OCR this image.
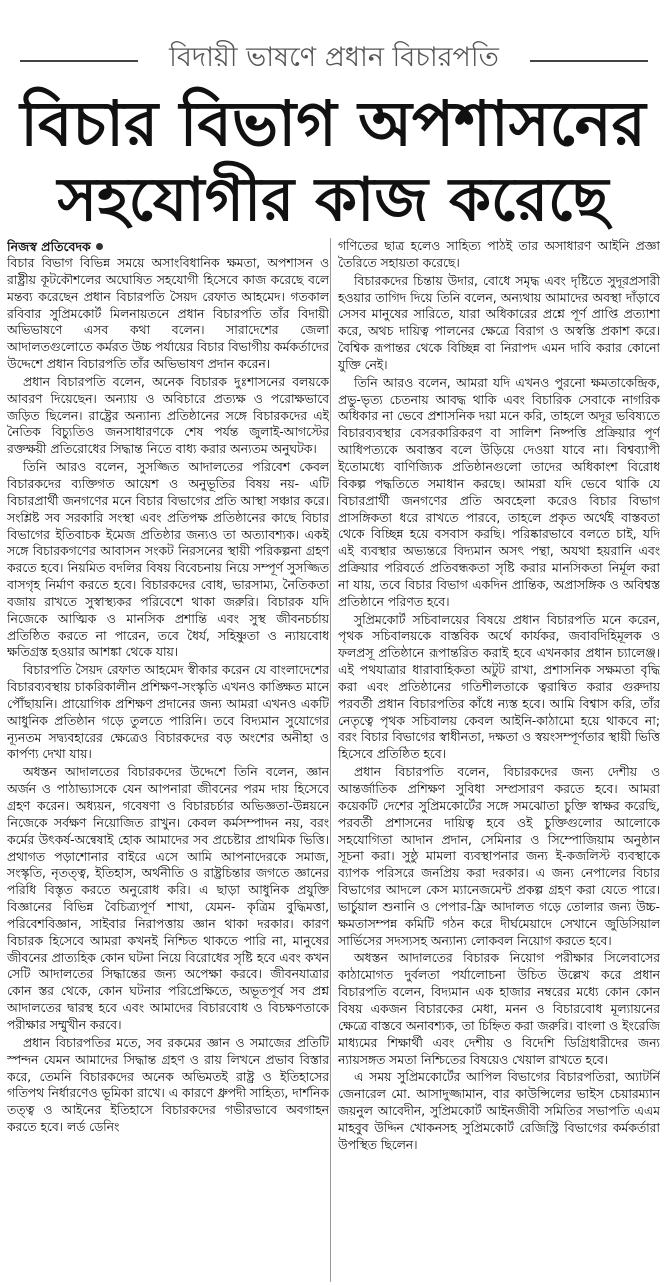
বিদায়ী ভাষণে প্রধান বিচারপতি
বিচার বিভাগ অপশাসনের
সহযোগীর কাজ করেছে
নিজস্ব প্রতিবেদক

বিচার বিভাগ বিভিন্ন সময়ে অসাংবিধানিক ক্ষমতা, অপশাসন ও রাষ্ট্রীয় কূটকৌশলের অঘোষিত সহযোগী হিসেবে কাজ করেছে বলে মন্তব্য করেছেন প্রধান বিচারপতি সৈয়দ রেফাত আহমেদ। গতকাল রবিবার সুপ্রিমকোর্ট মিলনায়তনে প্রধান বিচারপতি তাঁর বিদায়ী অভিভাষণে এসব কথা বলেন। সারাদেশের জেলা আদালতগুলোতে কর্মরত উচ্চ পর্যায়ের বিচার বিভাগীয় কর্মকর্তাদের উদ্দেশে প্রধান বিচারপতি তাঁর অভিভাষণ প্রদান করেন।

প্রধান বিচারপতি বলেন, অনেক বিচারক দুঃশাসনের বলয়কে আবরণ দিয়েছেন। অন্যায় ও অবিচারে প্রত্যক্ষ ও পরোক্ষভাবে জড়িত ছিলেন। রাষ্ট্রের অন্যান্য প্রতিষ্ঠানের সঙ্গে বিচারকদের এই নৈতিক বিচ্যুতিও জনসাধারণকে শেষ পর্যন্ত জুলাই-আগস্টের রক্তক্ষয়ী প্রতিরোধের সিদ্ধান্ত নিতে বাধ্য করার অন্যতম অনুঘটক।

তিনি আরও বলেন, সুসজ্জিত আদালতের পরিবেশ কেবল বিচারকদের ব্যক্তিগত আয়েশ ও অনুভূতির বিষয় নয়- এটি বিচারপ্রার্থী জনগণের মনে বিচার বিভাগের প্রতি আস্থা সঞ্চার করে। সংশ্লিষ্ট সব সরকারি সংস্থা এবং প্রতিপক্ষ প্রতিষ্ঠানের কাছে বিচার বিভাগের ইতিবাচক ইমেজ প্রতিষ্ঠার জন্যও তা অত্যাবশ্যক। একই সঙ্গে বিচারকগণের আবাসন সংকট নিরসনের স্থায়ী পরিকল্পনা গ্রহণ করতে হবে। নিয়মিত বদলির বিষয় বিবেচনায় নিয়ে সম্পূর্ণ সুসজ্জিত বাসগৃহ নির্মাণ করতে হবে। বিচারকদের বোধ, ভারসাম্য, নৈতিকতা বজায় রাখতে সুস্বাস্থ্যকর পরিবেশে থাকা জরুরি। বিচারক যদি নিজেকে আত্মিক ও মানসিক প্রশান্তি এবং সুস্থ জীবনচর্চায় প্রতিষ্ঠিত করতে না পারেন, তবে ধৈর্য, সহিষ্ণুতা ও ন্যায়বোধ ক্ষতিগ্রস্ত হওয়ার আশঙ্কা থেকে যায়।

বিচারপতি সৈয়দ রেফাত আহমেদ স্বীকার করেন যে বাংলাদেশের বিচারব্যবস্থায় চাকরিকালীন প্রশিক্ষণ-সংস্কৃতি এখনও কাঙ্ক্ষিত মানে পৌঁছায়নি। প্রায়োগিক প্রশিক্ষণ প্রদানের জন্য আমরা এখনও একটি আধুনিক প্রতিষ্ঠান গড়ে তুলতে পারিনি। তবে বিদ্যমান সুযোগের ন্যূনতম সদ্ব্যবহারের ক্ষেত্রেও বিচারকদের বড় অংশের অনীহা ও কার্পণ্য দেখা যায়।

অধস্তন আদালতের বিচারকদের উদ্দেশে তিনি বলেন, জ্ঞান অর্জন ও পাঠাভ্যাসকে যেন আপনারা জীবনের পরম দায় হিসেবে গ্রহণ করেন। অধ্যয়ন, গবেষণা ও বিচারচর্চার অভিজ্ঞতা-উন্নয়নে নিজেকে সর্বক্ষণ নিয়োজিত রাখুন। কেবল কর্মসম্পাদন নয়, বরং কর্মের উৎকর্ষ-অন্বেষাই হোক আমাদের সব প্রচেষ্টার প্রাথমিক ভিত্তি। প্রথাগত পড়াশোনার বাইরে এসে আমি আপনাদেরকে সমাজ, সংস্কৃতি, নৃতত্ত্ব, ইতিহাস, অর্থনীতি ও রাষ্ট্রচিন্তার জগতে জ্ঞানের পরিধি বিস্তৃত করতে অনুরোধ করি। এ ছাড়া আধুনিক প্রযুক্তি বিজ্ঞানের বিভিন্ন বৈচিত্র্যপূর্ণ শাখা, যেমন- কৃত্রিম বুদ্ধিমত্তা, পরিবেশবিজ্ঞান, সাইবার নিরাপত্তায় জ্ঞান থাকা দরকার। কারণ বিচারক হিসেবে আমরা কখনই নিশ্চিত থাকতে পারি না, মানুষের জীবনের প্রাত্যহিক কোন ঘটনা নিয়ে বিরোধের সৃষ্টি হবে এবং কখন সেটি আদালতের সিদ্ধান্তের জন্য অপেক্ষা করবে। জীবনযাত্রার কোন স্তর থেকে, কোন ঘটনার পরিপ্রেক্ষিতে, অভূতপূর্ব সব প্রশ্ন আদালতের দ্বারস্থ হবে এবং আমাদের বিচারবোধ ও বিচক্ষণতাকে পরীক্ষার সম্মুখীন করবে।

প্রধান বিচারপতির মতে, সব রকমের জ্ঞান ও সমাজের প্রতিটি স্পন্দন যেমন আমাদের সিদ্ধান্ত গ্রহণ ও রায় লিখনে প্রভাব বিস্তার করে, তেমনি বিচারকদের অনেক অভিমতই রাষ্ট্র ও ইতিহাসের গতিপথ নির্ধারণেও ভূমিকা রাখে। এ কারণে ধ্রুপদী সাহিত্য, দার্শনিক তত্ত্ব ও আইনের ইতিহাসে বিচারকদের গভীরভাবে অবগাহন করতে হবে। লর্ড ডেনিং

গণিতের ছাত্র হলেও সাহিত্য পাঠই তার অসাধারণ আইনি প্রজ্ঞা তৈরিতে সহায়তা করেছে।

বিচারকদের চিন্তায় উদার, বোধে সমৃদ্ধ এবং দৃষ্টিতে সুদূরপ্রসারী হওয়ার তাগিদ দিয়ে তিনি বলেন, অন্যথায় আমাদের অবস্থা দাঁড়াবে সেসব মানুষের সারিতে, যারা অধিকারের প্রশ্নে পূর্ণ প্রাপ্তি প্রত্যাশা করে, অথচ দায়িত্ব পালনের ক্ষেত্রে বিরাগ ও অস্বস্তি প্রকাশ করে। বৈশ্বিক রূপান্তর থেকে বিচ্ছিন্ন বা নিরাপদ এমন দাবি করার কোনো যুক্তি নেই।

তিনি আরও বলেন, আমরা যদি এখনও পুরনো ক্ষমতাকেন্দ্রিক, প্রভু-ভৃত্য চেতনায় আবদ্ধ থাকি এবং বিচারিক সেবাকে নাগরিক অধিকার না ভেবে প্রশাসনিক দয়া মনে করি, তাহলে অদূর ভবিষ্যতে বিচারব্যবস্থার বেসরকারিকরণ বা সালিশ নিষ্পত্তি প্রক্রিয়ার পূর্ণ আধিপত্যকে অবাস্তব বলে উড়িয়ে দেওয়া যাবে না। বিশ্বব্যাপী ইতোমধ্যে বাণিজ্যিক প্রতিষ্ঠানগুলো তাদের অধিকাংশ বিরোধ বিকল্প পদ্ধতিতে সমাধান করছে। আমরা যদি ভেবে থাকি যে বিচারপ্রার্থী জনগণের প্রতি অবহেলা করেও বিচার বিভাগ প্রাসঙ্গিকতা ধরে রাখতে পারবে, তাহলে প্রকৃত অর্থেই বাস্তবতা থেকে বিচ্ছিন্ন হয়ে বসবাস করছি। পরিষ্কারভাবে বলতে চাই, যদি এই ব্যবস্থার অভ্যন্তরে বিদ্যমান অসৎ পন্থা, অযথা হয়রানি এবং প্রক্রিয়ার পরিবর্তে প্রতিবন্ধকতা সৃষ্টি করার মানসিকতা নির্মূল করা না যায়, তবে বিচার বিভাগ একদিন প্রান্তিক, অপ্রাসঙ্গিক ও অবিশ্বস্ত প্রতিষ্ঠানে পরিণত হবে।

সুপ্রিমকোর্ট সচিবালয়ের বিষয়ে প্রধান বিচারপতি মনে করেন, পৃথক সচিবালয়কে বাস্তবিক অর্থে কার্যকর, জবাবদিহিমূলক ও ফলপ্রসূ প্রতিষ্ঠানে রূপান্তরিত করাই হবে এখনকার প্রধান চ্যালেঞ্জ। এই পথযাত্রার ধারাবাহিকতা অটুট রাখা, প্রশাসনিক সক্ষমতা বৃদ্ধি করা এবং প্রতিষ্ঠানের গতিশীলতাকে ত্বরান্বিত করার গুরুদায় পরবর্তী প্রধান বিচারপতির কাঁধে ন্যস্ত হবে। আমি বিশ্বাস করি, তাঁর নেতৃত্বে পৃথক সচিবালয় কেবল আইনি-কাঠামো হয়ে থাকবে না; বরং বিচার বিভাগের স্বাধীনতা, দক্ষতা ও স্বয়ংসম্পূর্ণতার স্থায়ী ভিত্তি হিসেবে প্রতিষ্ঠিত হবে।

প্রধান বিচারপতি বলেন, বিচারকদের জন্য দেশীয় ও আন্তর্জাতিক প্রশিক্ষণ সুবিধা সম্প্রসারণ করতে হবে। আমরা কয়েকটি দেশের সুপ্রিমকোর্টের সঙ্গে সমঝোতা চুক্তি স্বাক্ষর করেছি, পরবর্তী প্রশাসনের দায়িত্ব হবে ওই চুক্তিগুলোর আলোকে সহযোগিতা আদান প্রদান, সেমিনার ও সিম্পোজিয়াম অনুষ্ঠান সূচনা করা। সুষ্ঠু মামলা ব্যবস্থাপনার জন্য ই-কজলিস্ট ব্যবস্থাকে ব্যাপক পরিসরে জনপ্রিয় করা দরকার। এ জন্য নেপালের বিচার বিভাগের আদলে কেস ম্যানেজমেন্ট প্রকল্প গ্রহণ করা যেতে পারে। ভার্চুয়াল শুনানি ও পেপার-ফ্রি আদালত গড়ে তোলার জন্য উচ্চ-ক্ষমতাসম্পন্ন কমিটি গঠন করে দীর্ঘমেয়াদে সেখানে জুডিসিয়াল সার্ভিসের সদস্যসহ অন্যান্য লোকবল নিয়োগ করতে হবে।

অধস্তন আদালতের বিচারক নিয়োগ পরীক্ষার সিলেবাসের কাঠামোগত দুর্বলতা পর্যালোচনা উচিত উল্লেখ করে প্রধান বিচারপতি বলেন, বিদ্যমান এক হাজার নম্বরের মধ্যে কোন কোন বিষয় একজন বিচারকের মেধা, মনন ও বিচারবোধ মূল্যায়নের ক্ষেত্রে বাস্তবে অনাবশ্যক, তা চিহ্নিত করা জরুরি। বাংলা ও ইংরেজি মাধ্যমের শিক্ষার্থী এবং দেশীয় ও বিদেশি ডিগ্রিধারীদের জন্য ন্যায়সঙ্গত সমতা নিশ্চিতের বিষয়েও খেয়াল রাখতে হবে।

এ সময় সুপ্রিমকোর্টের আপিল বিভাগের বিচারপতিরা, অ্যাটর্নি জেনারেল মো. আসাদুজ্জামান, বার কাউন্সিলের ভাইস চেয়ারম্যান জয়নুল আবেদীন, সুপ্রিমকোর্ট আইনজীবী সমিতির সভাপতি এএম মাহবুব উদ্দিন খোকনসহ সুপ্রিমকোর্ট রেজিস্ট্রি বিভাগের কর্মকর্তারা উপস্থিত ছিলেন।
